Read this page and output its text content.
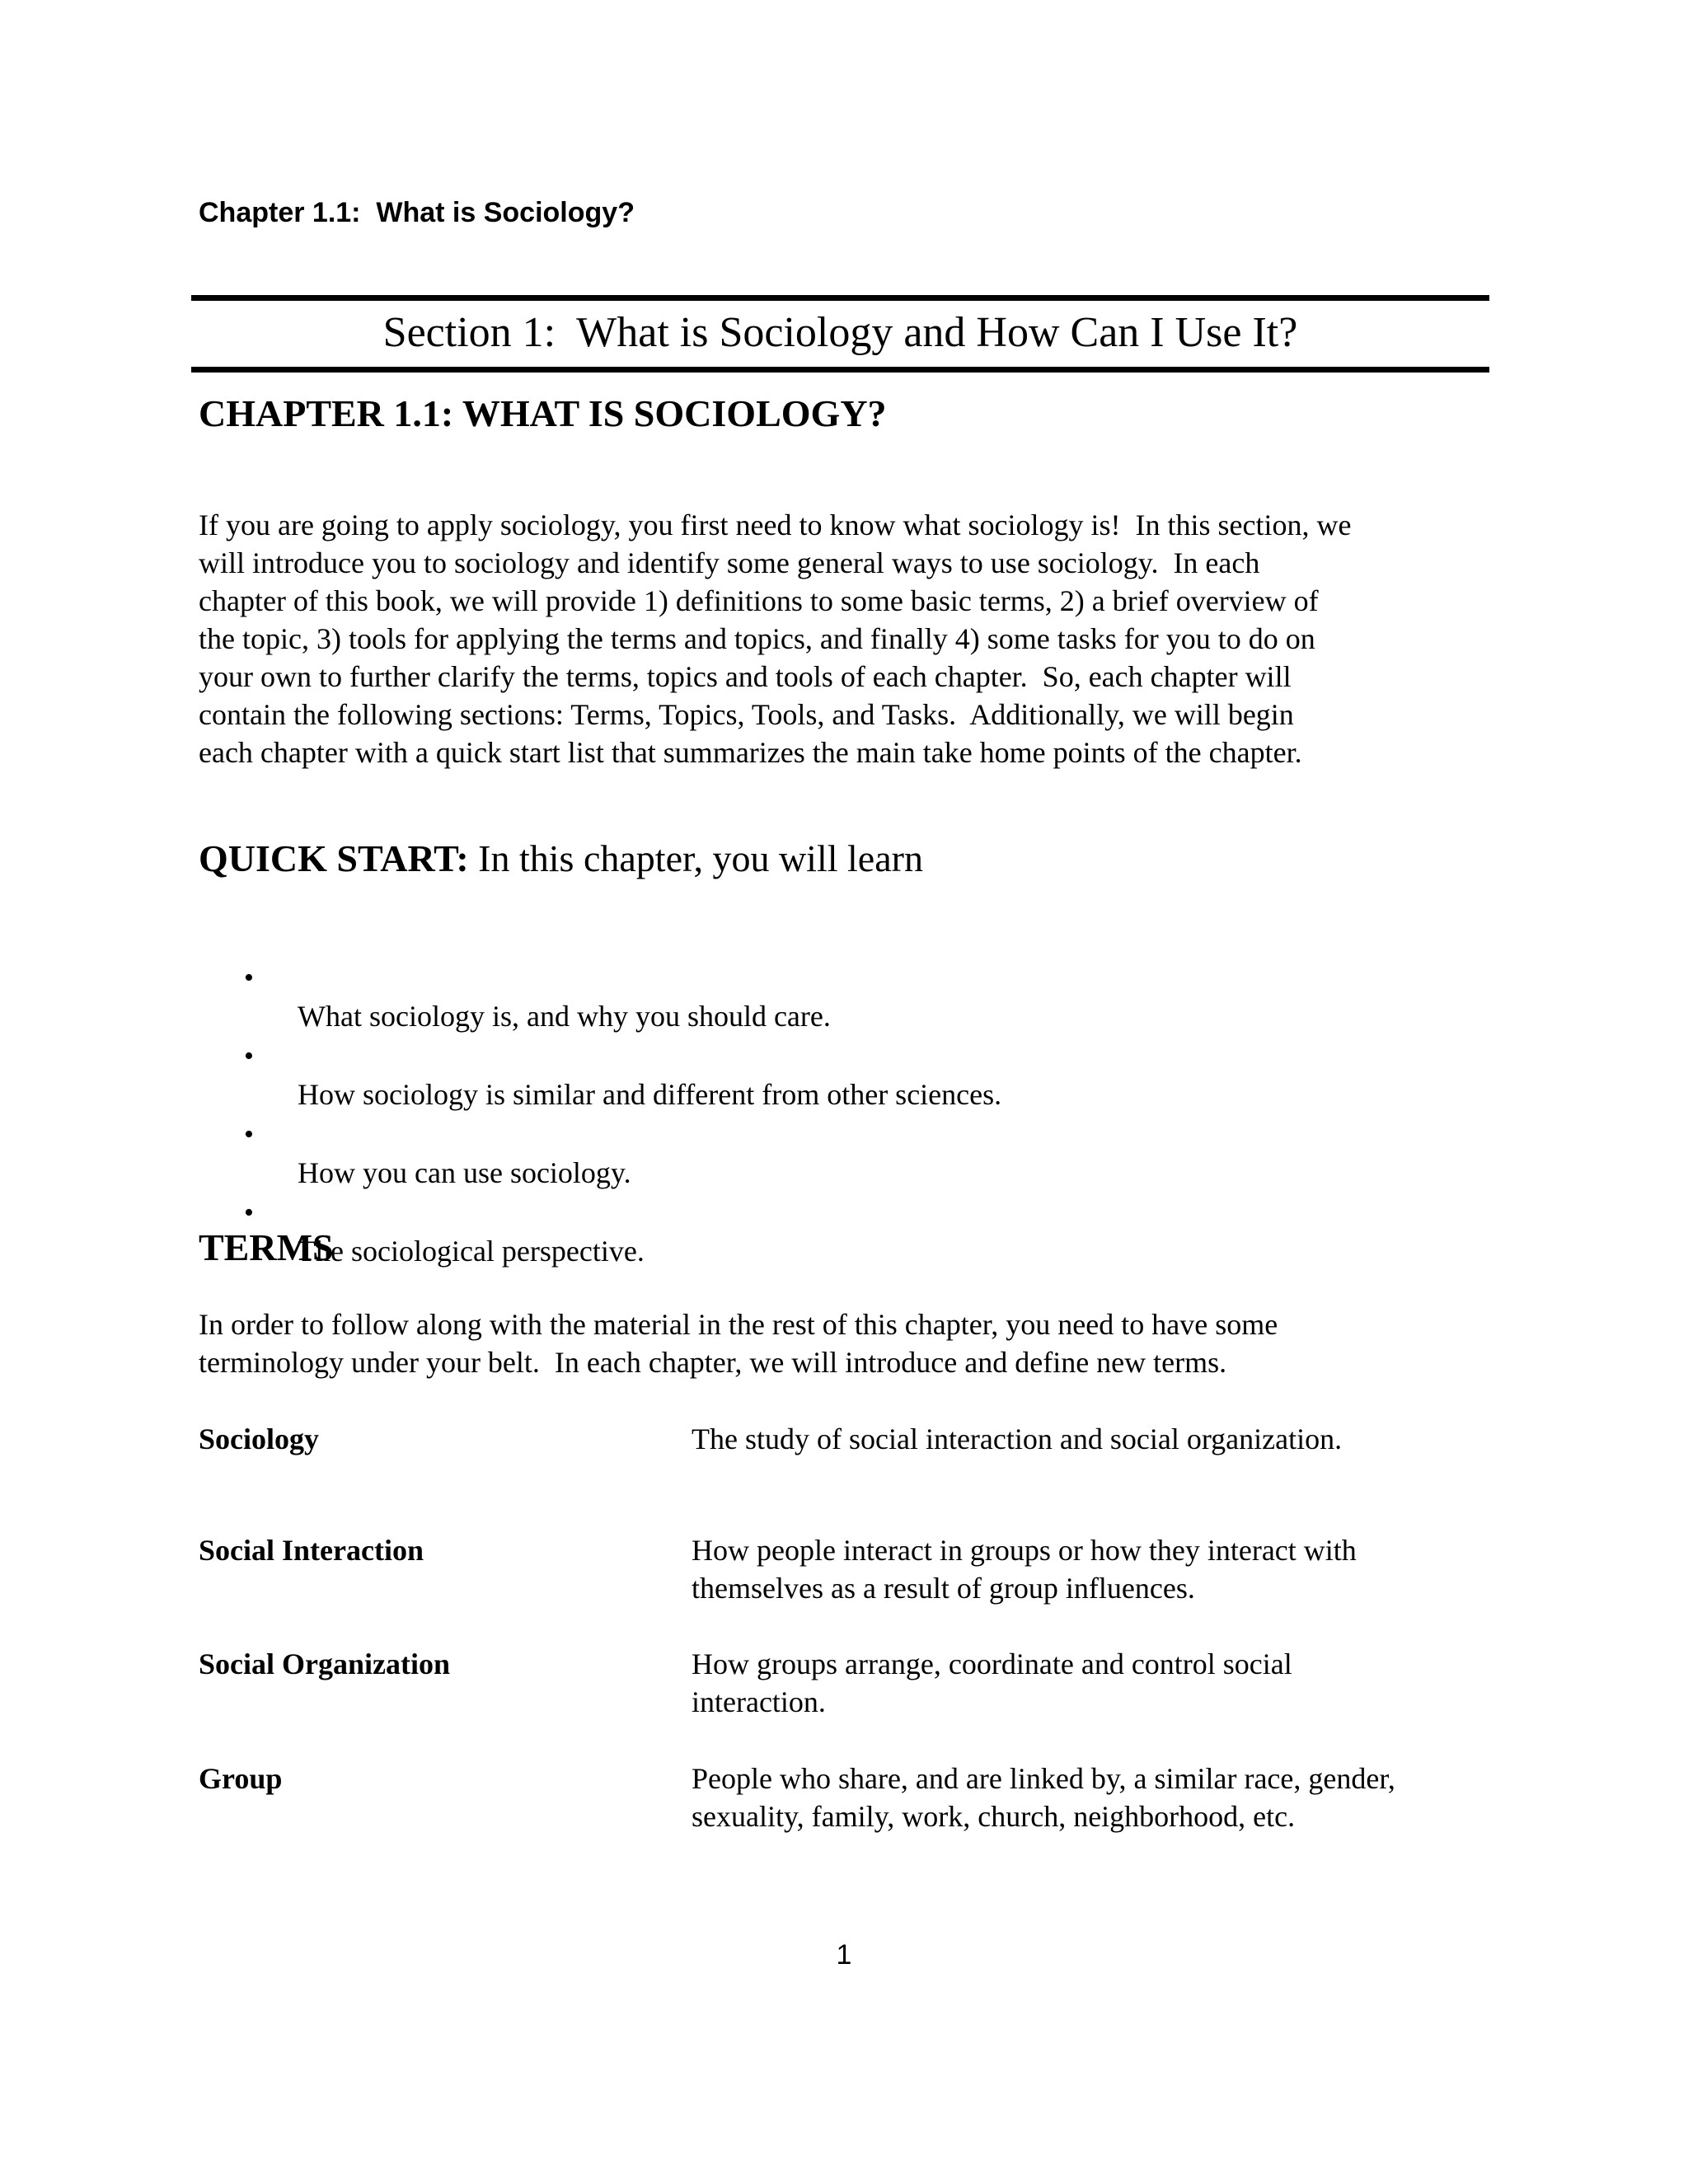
Chapter 1.1:  What is Sociology?
Section 1:  What is Sociology and How Can I Use It?
CHAPTER 1.1: WHAT IS SOCIOLOGY?
If you are going to apply sociology, you first need to know what sociology is!  In this section, we
will introduce you to sociology and identify some general ways to use sociology.  In each
chapter of this book, we will provide 1) definitions to some basic terms, 2) a brief overview of
the topic, 3) tools for applying the terms and topics, and finally 4) some tasks for you to do on
your own to further clarify the terms, topics and tools of each chapter.  So, each chapter will
contain the following sections: Terms, Topics, Tools, and Tasks.  Additionally, we will begin
each chapter with a quick start list that summarizes the main take home points of the chapter.
QUICK START: In this chapter, you will learn

•

What sociology is, and why you should care.

•

How sociology is similar and different from other sciences.

•

How you can use sociology.

•

The sociological perspective.

TERMS
In order to follow along with the material in the rest of this chapter, you need to have some
terminology under your belt.  In each chapter, we will introduce and define new terms.
Sociology	The study of social interaction and social organization.
Social Interaction	How people interact in groups or how they interact with
themselves as a result of group influences.
Social Organization	How groups arrange, coordinate and control social
interaction.
Group	People who share, and are linked by, a similar race, gender,
sexuality, family, work, church, neighborhood, etc.
1
